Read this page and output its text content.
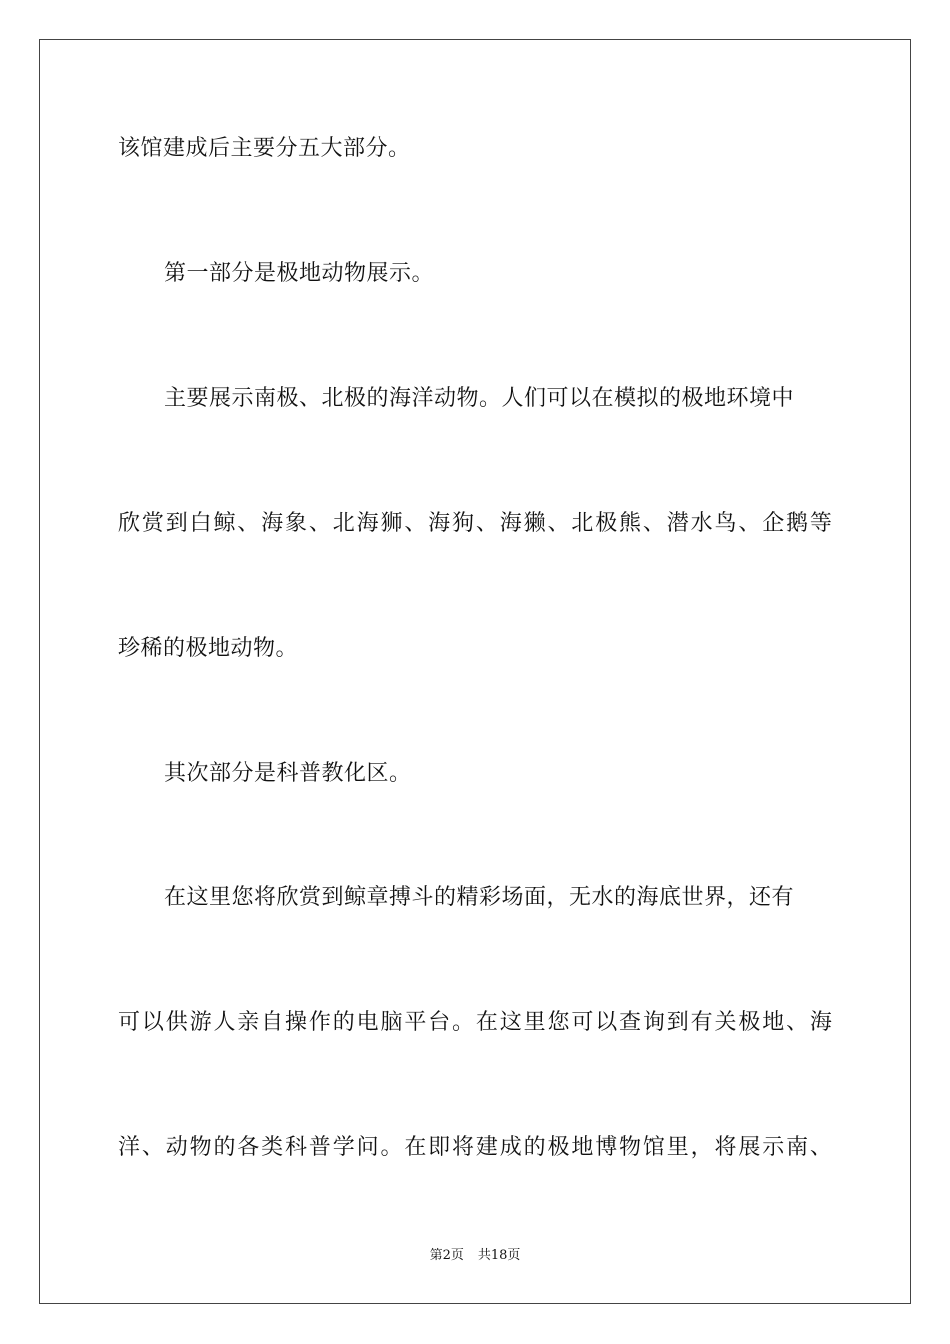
该馆建成后主要分五大部分。
第一部分是极地动物展示。
主要展示南极、北极的海洋动物。人们可以在模拟的极地环境中
欣 赏 到 白 鲸 、 海 象 、 北 海 狮 、 海 狗 、 海 獭 、 北 极 熊 、 潜 水 鸟 、 企 鹅 等
珍稀的极地动物。
其次部分是科普教化区。
在这里您将欣赏到鲸章搏斗的精彩场面，无水的海底世界，还有
可 以 供 游 人 亲 自 操 作 的 电 脑 平 台 。 在 这 里 您 可 以 查 询 到 有 关 极 地 、 海
洋 、 动 物 的 各 类 科 普 学 问 。 在 即 将 建 成 的 极 地 博 物 馆 里 ， 将 展 示 南 、
第2页 共18页
